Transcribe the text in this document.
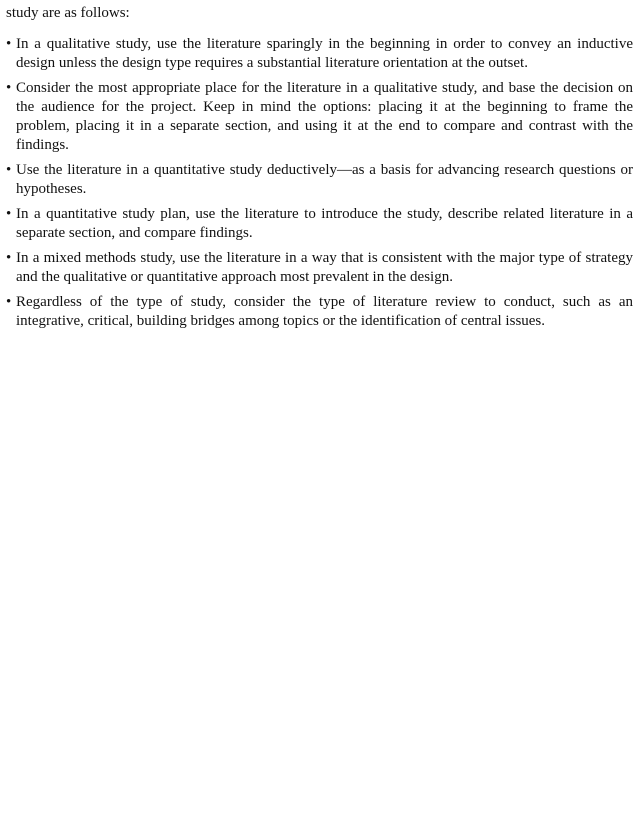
study are as follows:

• In a qualitative study, use the literature sparingly in the beginning in order to convey an inductive design unless the design type requires a substantial literature orientation at the outset.
• Consider the most appropriate place for the literature in a qualitative study, and base the decision on the audience for the project. Keep in mind the options: placing it at the beginning to frame the problem, placing it in a separate section, and using it at the end to compare and contrast with the findings.
• Use the literature in a quantitative study deductively—as a basis for advancing research questions or hypotheses.
• In a quantitative study plan, use the literature to introduce the study, describe related literature in a separate section, and compare findings.
• In a mixed methods study, use the literature in a way that is consistent with the major type of strategy and the qualitative or quantitative approach most prevalent in the design.
• Regardless of the type of study, consider the type of literature review to conduct, such as an integrative, critical, building bridges among topics or the identification of central issues.
